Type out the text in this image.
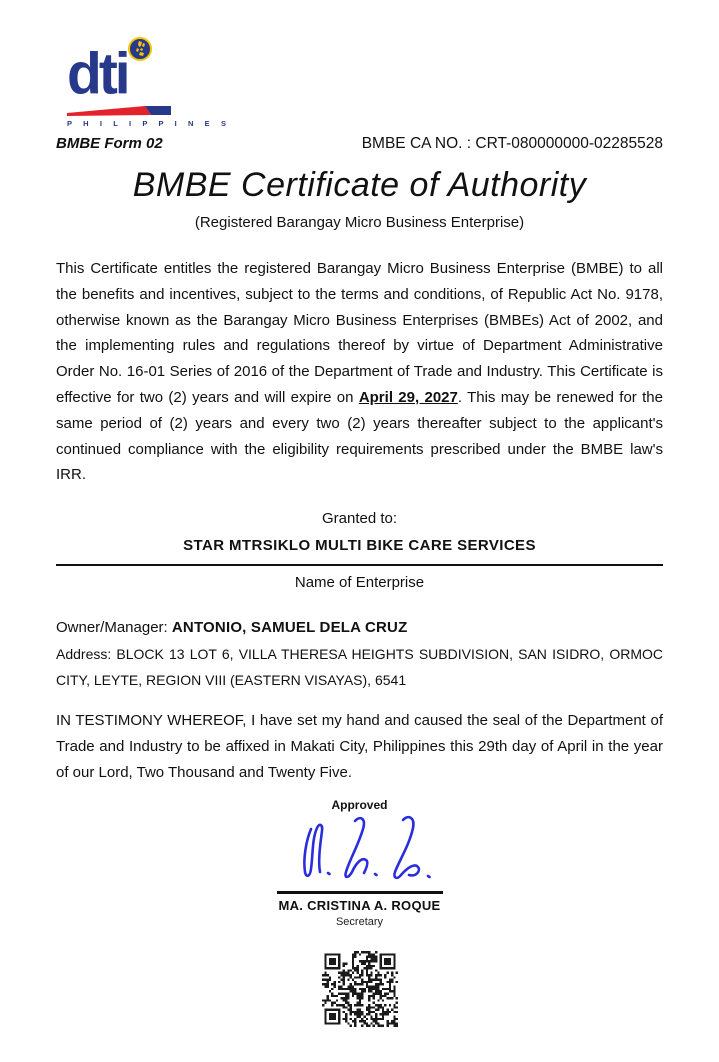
dti
P H I L I P P I N E S
BMBE Form 02	BMBE CA NO. : CRT-080000000-02285528
BMBE Certificate of Authority
(Registered Barangay Micro Business Enterprise)

This Certificate entitles the registered Barangay Micro Business Enterprise (BMBE) to all the benefits and incentives, subject to the terms and conditions, of Republic Act No. 9178, otherwise known as the Barangay Micro Business Enterprises (BMBEs) Act of 2002, and the implementing rules and regulations thereof by virtue of Department Administrative Order No. 16-01 Series of 2016 of the Department of Trade and Industry. This Certificate is effective for two (2) years and will expire on April 29, 2027. This may be renewed for the same period of (2) years and every two (2) years thereafter subject to the applicant's continued compliance with the eligibility requirements prescribed under the BMBE law's IRR.

Granted to:
STAR MTRSIKLO MULTI BIKE CARE SERVICES
Name of Enterprise
Owner/Manager: ANTONIO, SAMUEL DELA CRUZ
Address: BLOCK 13 LOT 6, VILLA THERESA HEIGHTS SUBDIVISION, SAN ISIDRO, ORMOC CITY, LEYTE, REGION VIII (EASTERN VISAYAS), 6541

IN TESTIMONY WHEREOF, I have set my hand and caused the seal of the Department of Trade and Industry to be affixed in Makati City, Philippines this 29th day of April in the year of our Lord, Two Thousand and Twenty Five.

Approved
MA. CRISTINA A. ROQUE
Secretary
